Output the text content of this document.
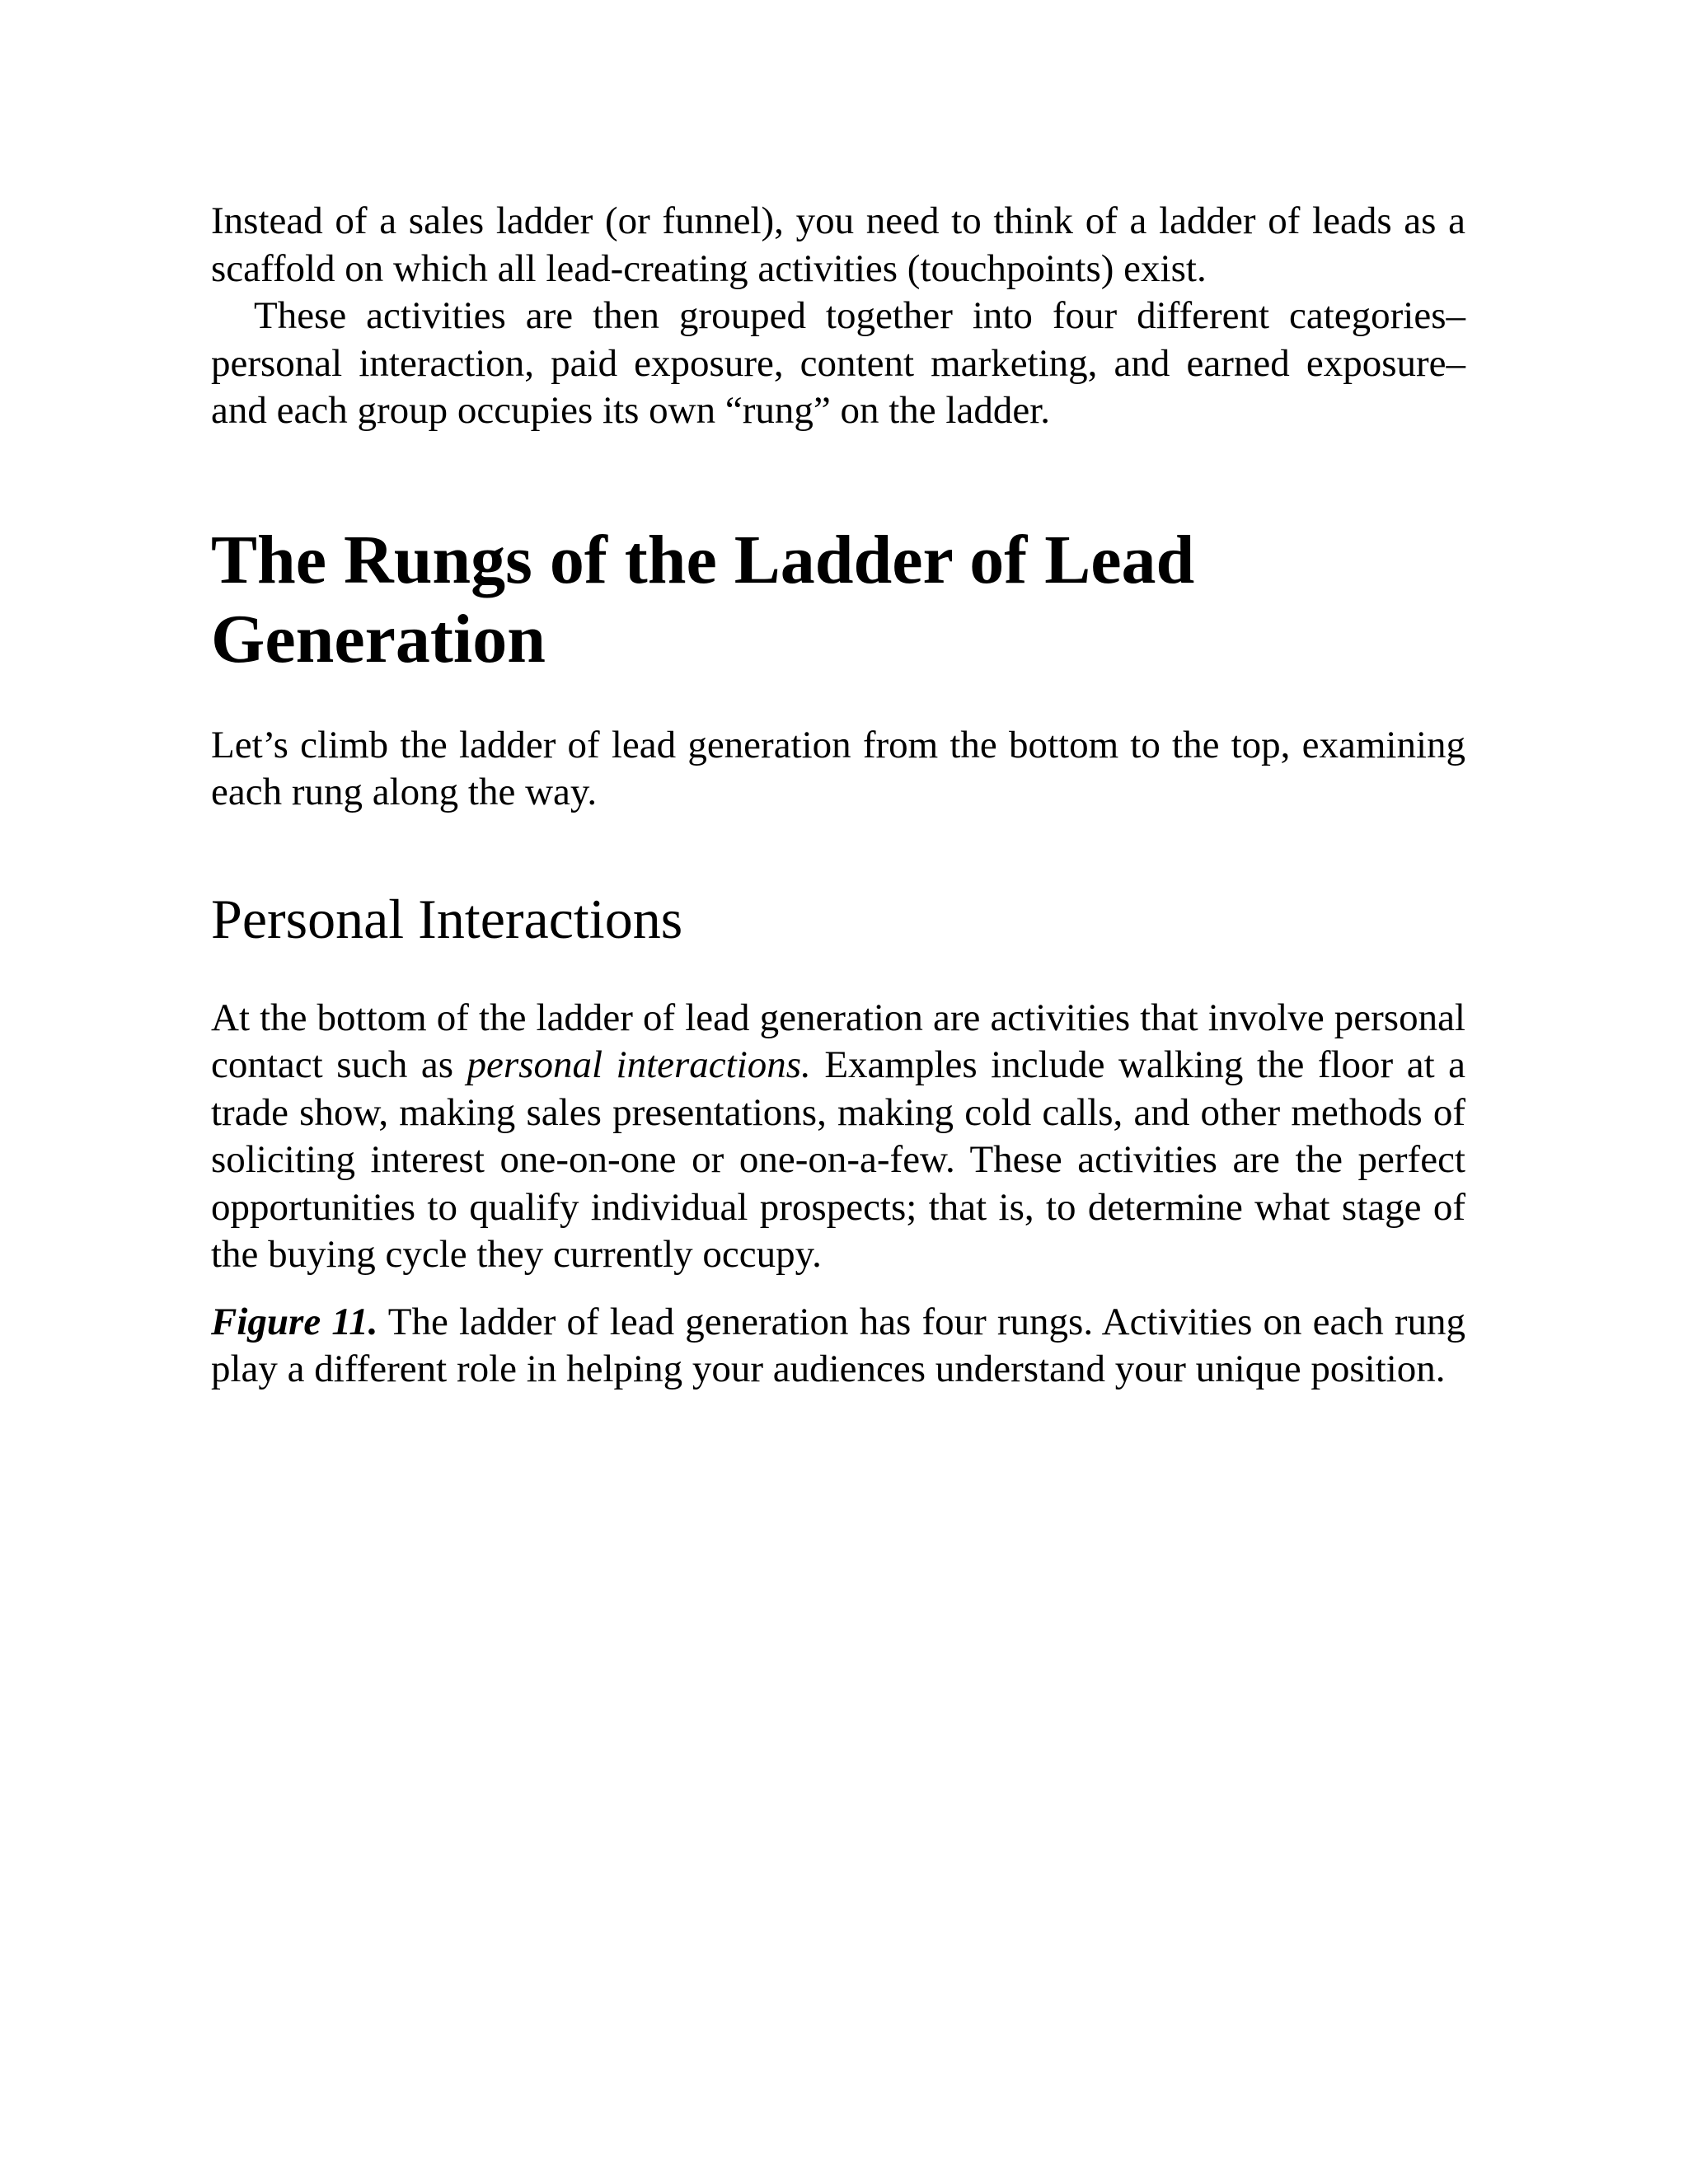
Instead of a sales ladder (or funnel), you need to think of a ladder of leads as a scaffold on which all lead-creating activities (touchpoints) exist.

These activities are then grouped together into four different categories–personal interaction, paid exposure, content marketing, and earned exposure–and each group occupies its own “rung” on the ladder.

The Rungs of the Ladder of Lead
Generation

Let’s climb the ladder of lead generation from the bottom to the top, examining each rung along the way.

Personal Interactions

At the bottom of the ladder of lead generation are activities that involve personal contact such as personal interactions. Examples include walking the floor at a trade show, making sales presentations, making cold calls, and other methods of soliciting interest one-on-one or one-on-a-few. These activities are the perfect opportunities to qualify individual prospects; that is, to determine what stage of the buying cycle they currently occupy.

Figure 11. The ladder of lead generation has four rungs. Activities on each rung play a different role in helping your audiences understand your unique position.
